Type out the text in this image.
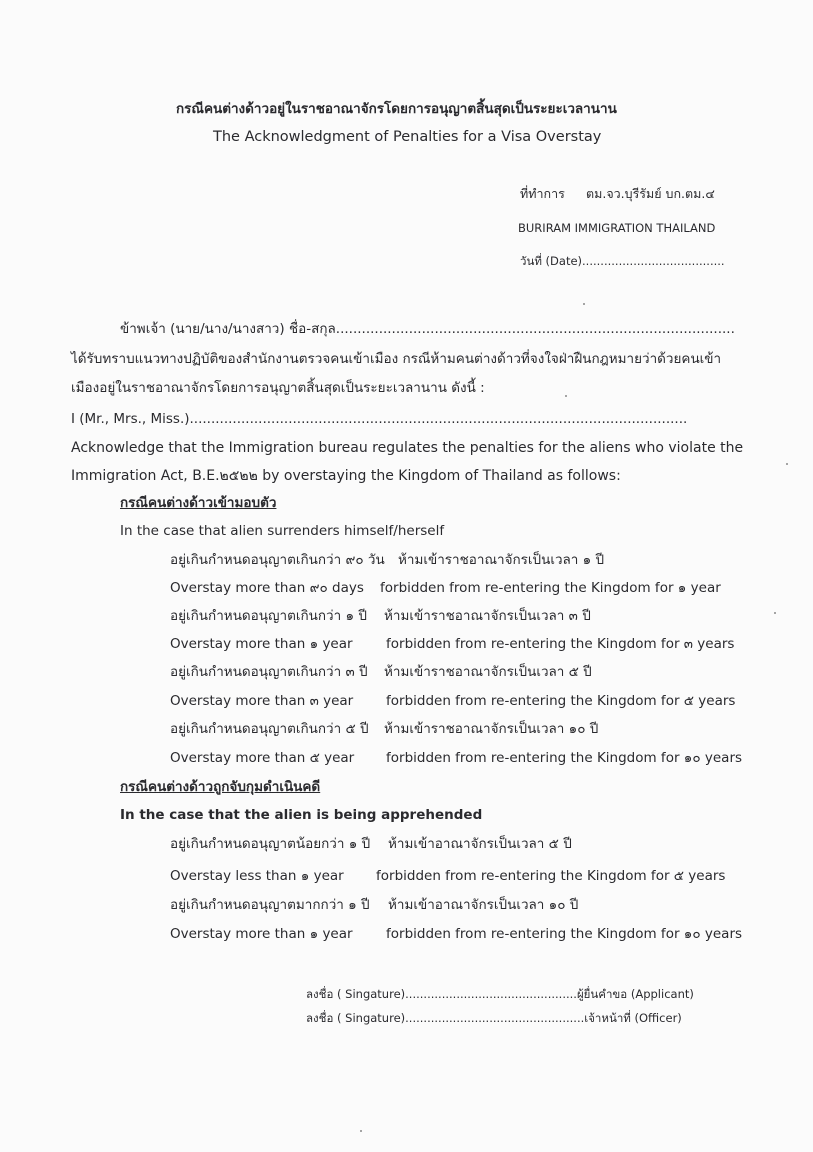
กรณีคนต่างด้าวอยู่ในราชอาณาจักรโดยการอนุญาตสิ้นสุดเป็นระยะเวลานาน
The Acknowledgment of Penalties for a Visa Overstay
ที่ทำการ ตม.จว.บุรีรัมย์ บก.ตม.๔
BURIRAM IMMIGRATION THAILAND
วันที่ (Date).......................................
ข้าพเจ้า (นาย/นาง/นางสาว) ชื่อ-สกุล.............................................................................................
ได้รับทราบแนวทางปฏิบัติของสำนักงานตรวจคนเข้าเมือง กรณีห้ามคนต่างด้าวที่จงใจฝ่าฝืนกฎหมายว่าด้วยคนเข้า
เมืองอยู่ในราชอาณาจักรโดยการอนุญาตสิ้นสุดเป็นระยะเวลานาน ดังนี้ :
I (Mr., Mrs., Miss.)....................................................................................................................
Acknowledge that the Immigration bureau regulates the penalties for the aliens who violate the
Immigration Act, B.E.๒๕๒๒ by overstaying the Kingdom of Thailand as follows:
กรณีคนต่างด้าวเข้ามอบตัว
In the case that alien surrenders himself/herself
อยู่เกินกำหนดอนุญาตเกินกว่า ๙๐ วัน ห้ามเข้าราชอาณาจักรเป็นเวลา ๑ ปี
Overstay more than ๙๐ days forbidden from re-entering the Kingdom for ๑ year
อยู่เกินกำหนดอนุญาตเกินกว่า ๑ ปี ห้ามเข้าราชอาณาจักรเป็นเวลา ๓ ปี
Overstay more than ๑ year forbidden from re-entering the Kingdom for ๓ years
อยู่เกินกำหนดอนุญาตเกินกว่า ๓ ปี ห้ามเข้าราชอาณาจักรเป็นเวลา ๕ ปี
Overstay more than ๓ year forbidden from re-entering the Kingdom for ๕ years
อยู่เกินกำหนดอนุญาตเกินกว่า ๕ ปี ห้ามเข้าราชอาณาจักรเป็นเวลา ๑๐ ปี
Overstay more than ๕ year forbidden from re-entering the Kingdom for ๑๐ years
กรณีคนต่างด้าวถูกจับกุมดำเนินคดี
In the case that the alien is being apprehended
อยู่เกินกำหนดอนุญาตน้อยกว่า ๑ ปี ห้ามเข้าอาณาจักรเป็นเวลา ๕ ปี
Overstay less than ๑ year forbidden from re-entering the Kingdom for ๕ years
อยู่เกินกำหนดอนุญาตมากกว่า ๑ ปี ห้ามเข้าอาณาจักรเป็นเวลา ๑๐ ปี
Overstay more than ๑ year forbidden from re-entering the Kingdom for ๑๐ years
ลงชื่อ ( Singature)...............................................ผู้ยื่นคำขอ (Applicant)
ลงชื่อ ( Singature).................................................เจ้าหน้าที่ (Officer)
